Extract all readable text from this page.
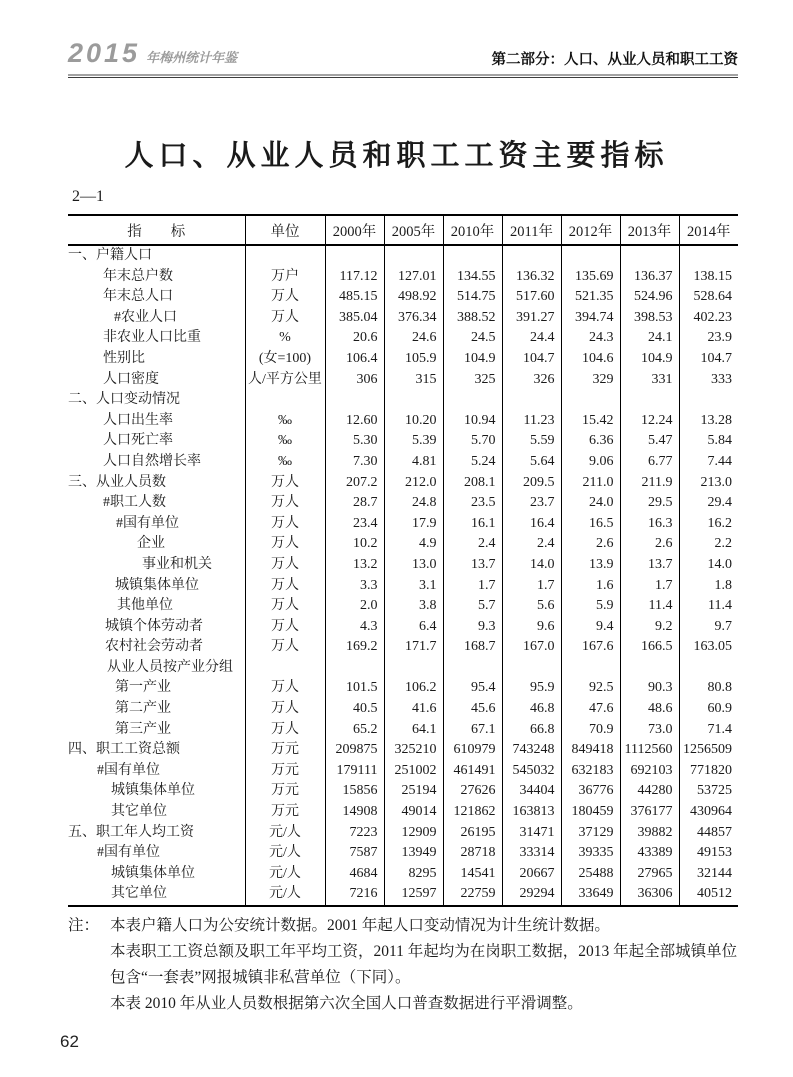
2015 年梅州统计年鉴	第二部分：人口、从业人员和职工工资
人口、从业人员和职工工资主要指标
2—1
指　　标	单位	2000年	2005年	2010年	2011年	2012年	2013年	2014年
一、户籍人口								
年末总户数	万户	117.12	127.01	134.55	136.32	135.69	136.37	138.15
年末总人口	万人	485.15	498.92	514.75	517.60	521.35	524.96	528.64
#农业人口	万人	385.04	376.34	388.52	391.27	394.74	398.53	402.23
非农业人口比重	%	20.6	24.6	24.5	24.4	24.3	24.1	23.9
性别比	(女=100)	106.4	105.9	104.9	104.7	104.6	104.9	104.7
人口密度	人/平方公里	306	315	325	326	329	331	333
二、人口变动情况								
人口出生率	‰	12.60	10.20	10.94	11.23	15.42	12.24	13.28
人口死亡率	‰	5.30	5.39	5.70	5.59	6.36	5.47	5.84
人口自然增长率	‰	7.30	4.81	5.24	5.64	9.06	6.77	7.44
三、从业人员数	万人	207.2	212.0	208.1	209.5	211.0	211.9	213.0
#职工人数	万人	28.7	24.8	23.5	23.7	24.0	29.5	29.4
#国有单位	万人	23.4	17.9	16.1	16.4	16.5	16.3	16.2
企业	万人	10.2	4.9	2.4	2.4	2.6	2.6	2.2
事业和机关	万人	13.2	13.0	13.7	14.0	13.9	13.7	14.0
城镇集体单位	万人	3.3	3.1	1.7	1.7	1.6	1.7	1.8
其他单位	万人	2.0	3.8	5.7	5.6	5.9	11.4	11.4
城镇个体劳动者	万人	4.3	6.4	9.3	9.6	9.4	9.2	9.7
农村社会劳动者	万人	169.2	171.7	168.7	167.0	167.6	166.5	163.05
从业人员按产业分组								
第一产业	万人	101.5	106.2	95.4	95.9	92.5	90.3	80.8
第二产业	万人	40.5	41.6	45.6	46.8	47.6	48.6	60.9
第三产业	万人	65.2	64.1	67.1	66.8	70.9	73.0	71.4
四、职工工资总额	万元	209875	325210	610979	743248	849418	1112560	1256509
#国有单位	万元	179111	251002	461491	545032	632183	692103	771820
城镇集体单位	万元	15856	25194	27626	34404	36776	44280	53725
其它单位	万元	14908	49014	121862	163813	180459	376177	430964
五、职工年人均工资	元/人	7223	12909	26195	31471	37129	39882	44857
#国有单位	元/人	7587	13949	28718	33314	39335	43389	49153
城镇集体单位	元/人	4684	8295	14541	20667	25488	27965	32144
其它单位	元/人	7216	12597	22759	29294	33649	36306	40512
注： 本表户籍人口为公安统计数据。2001 年起人口变动情况为计生统计数据。
本表职工工资总额及职工年平均工资，2011 年起均为在岗职工数据，2013 年起全部城镇单位包含“一套表”网报城镇非私营单位（下同）。
本表 2010 年从业人员数根据第六次全国人口普查数据进行平滑调整。
62
